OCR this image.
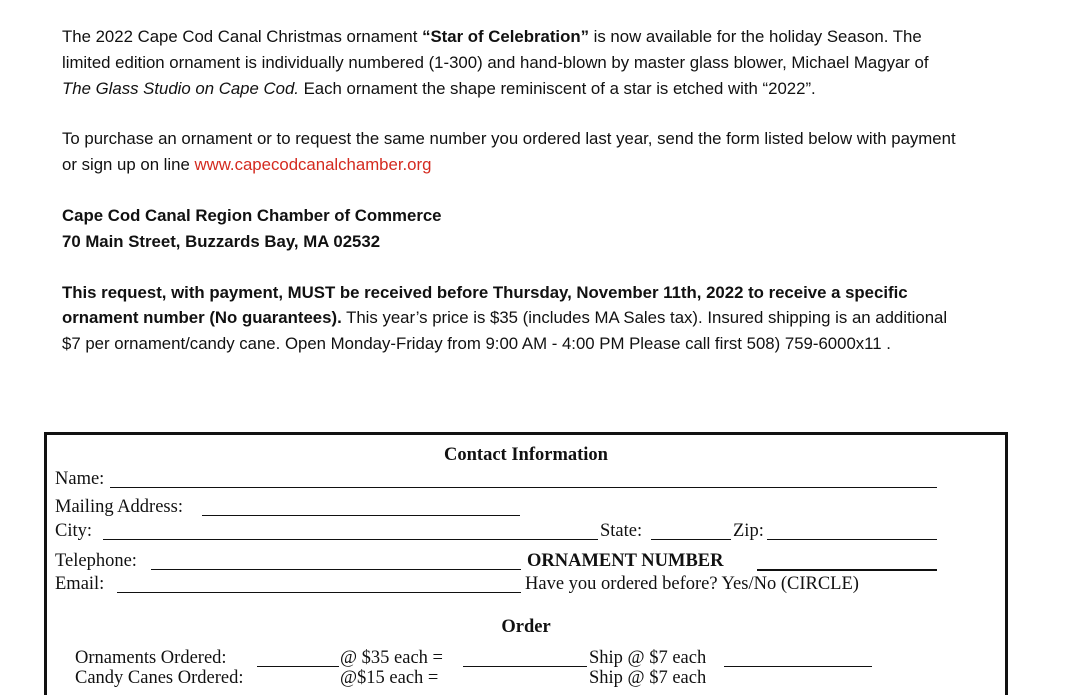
The 2022 Cape Cod Canal Christmas ornament “Star of Celebration” is now available for the holiday Season. The limited edition ornament is individually numbered (1-300) and hand-blown by master glass blower, Michael Magyar of The Glass Studio on Cape Cod. Each ornament the shape reminiscent of a star is etched with “2022”.

To purchase an ornament or to request the same number you ordered last year, send the form listed below with payment or sign up on line www.capecodcanalchamber.org

Cape Cod Canal Region Chamber of Commerce

70 Main Street, Buzzards Bay, MA 02532

This request, with payment, MUST be received before Thursday, November 11th, 2022 to receive a specific ornament number (No guarantees). This year’s price is $35 (includes MA Sales tax). Insured shipping is an additional $7 per ornament/candy cane. Open Monday-Friday from 9:00 AM - 4:00 PM Please call first 508) 759-6000x11 .

Contact Information
Name:
Mailing Address:
City:	State:	Zip:
Telephone:	ORNAMENT NUMBER
Email:	Have you ordered before? Yes/No (CIRCLE)
Order
Ornaments Ordered:	@ $35 each =	Ship @ $7 each
Candy Canes Ordered:	@$15 each =	Ship @ $7 each
